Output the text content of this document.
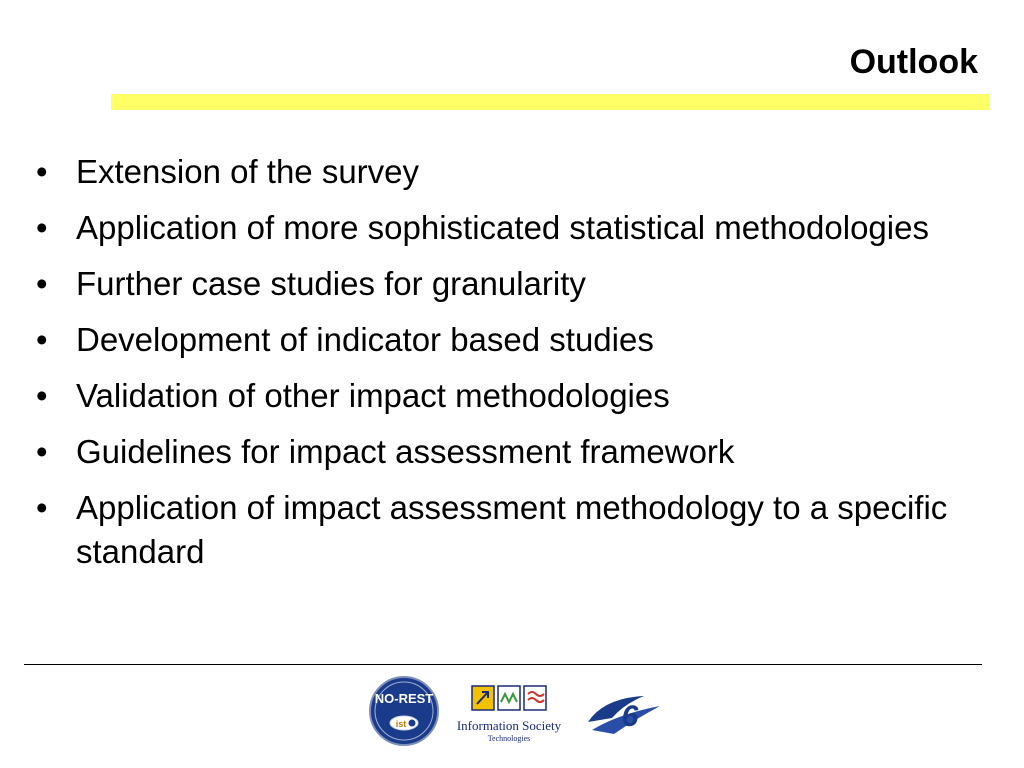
Outlook
• Extension of the survey
• Application of more sophisticated statistical methodologies
• Further case studies for granularity
• Development of indicator based studies
• Validation of other impact methodologies
• Guidelines for impact assessment framework
• Application of impact assessment methodology to a specific standard
NO-REST
ist	Information Society
Technologies
6
